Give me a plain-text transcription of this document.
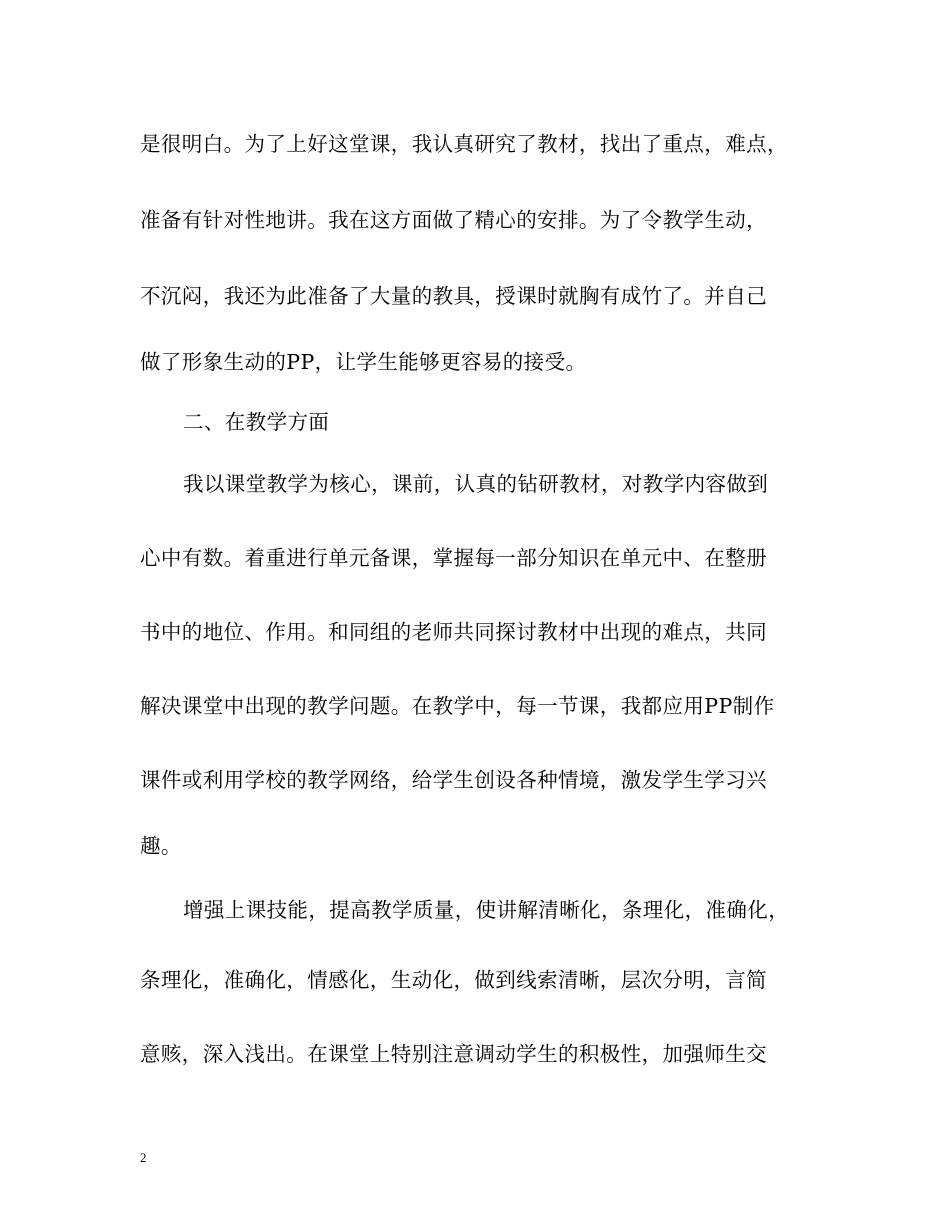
是很明白。为了上好这堂课，我认真研究了教材，找出了重点，难点，
准备有针对性地讲。我在这方面做了精心的安排。为了令教学生动，
不沉闷，我还为此准备了大量的教具，授课时就胸有成竹了。并自己
做了形象生动的PP，让学生能够更容易的接受。
二、在教学方面
我以课堂教学为核心，课前，认真的钻研教材，对教学内容做到
心中有数。着重进行单元备课，掌握每一部分知识在单元中、在整册
书中的地位、作用。和同组的老师共同探讨教材中出现的难点，共同
解决课堂中出现的教学问题。在教学中，每一节课，我都应用PP制作
课件或利用学校的教学网络，给学生创设各种情境，激发学生学习兴
趣。
增强上课技能，提高教学质量，使讲解清晰化，条理化，准确化，
条理化，准确化，情感化，生动化，做到线索清晰，层次分明，言简
意赅，深入浅出。在课堂上特别注意调动学生的积极性，加强师生交
2
